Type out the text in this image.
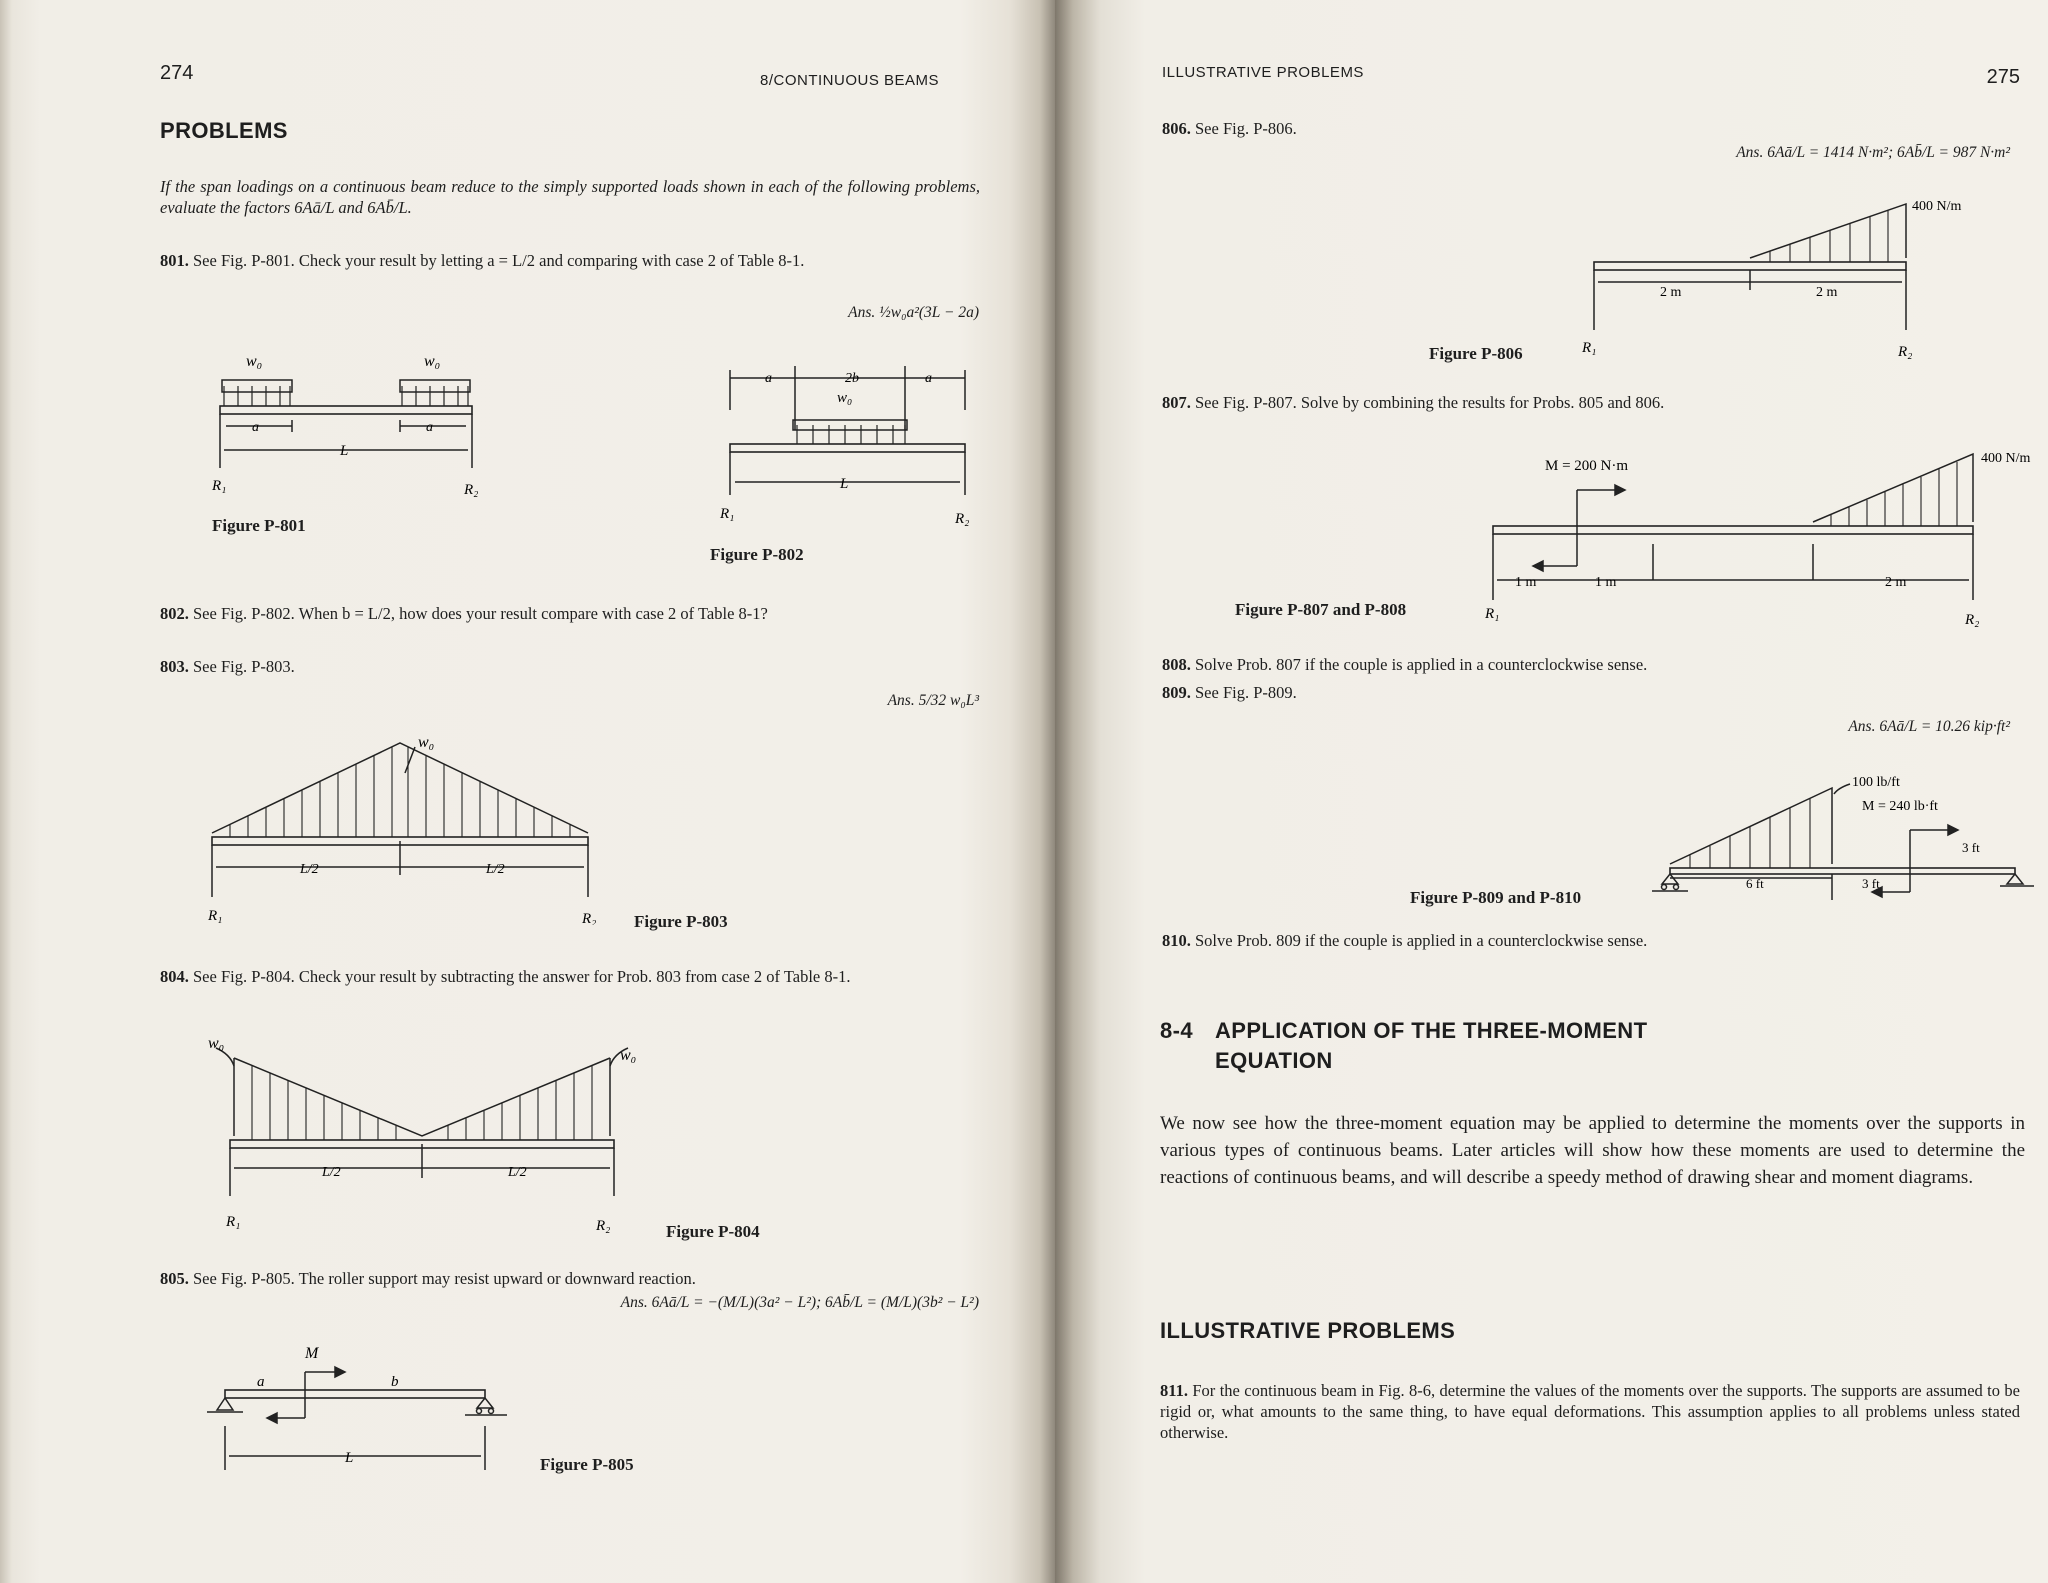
274	8/CONTINUOUS BEAMS
PROBLEMS
If the span loadings on a continuous beam reduce to the simply supported loads shown in each of the following problems, evaluate the factors 6Aā/L and 6Ab̄/L.
801. See Fig. P-801. Check your result by letting a = L/2 and comparing with case 2 of Table 8-1.
Ans. ½w₀a²(3L − 2a)
w₀	w₀
a	a
L
R₁	R₂
Figure P-801
a	2b	a
w₀
L
R₁	R₂
Figure P-802
802. See Fig. P-802. When b = L/2, how does your result compare with case 2 of Table 8-1?
803. See Fig. P-803.
Ans. 5/32 w₀L³
w₀
L/2	L/2
R₁	R₂ Figure P-803
804. See Fig. P-804. Check your result by subtracting the answer for Prob. 803 from case 2 of Table 8-1.
w₀
w₀
L/2	L/2
R₁	R₂	Figure P-804
805. See Fig. P-805. The roller support may resist upward or downward reaction.
Ans. 6Aā/L = −(M/L)(3a² − L²); 6Ab̄/L = (M/L)(3b² − L²)
M
a	b
L	Figure P-805
ILLUSTRATIVE PROBLEMS	275
806. See Fig. P-806.
Ans. 6Aā/L = 1414 N·m²; 6Ab̄/L = 987 N·m²
400 N/m
2 m	2 m
R₁	R₂
Figure P-806
807. See Fig. P-807. Solve by combining the results for Probs. 805 and 806.
M = 200 N·m	400 N/m
1 m	1 m	2 m
R₁	R₂
Figure P-807 and P-808
808. Solve Prob. 807 if the couple is applied in a counterclockwise sense.
809. See Fig. P-809.
Ans. 6Aā/L = 10.26 kip·ft²
100 lb/ft
M = 240 lb·ft
3 ft
6 ft	3 ft
Figure P-809 and P-810
810. Solve Prob. 809 if the couple is applied in a counterclockwise sense.
8-4 APPLICATION OF THE THREE-MOMENT
EQUATION
We now see how the three-moment equation may be applied to determine the moments over the supports in various types of continuous beams. Later articles will show how these moments are used to determine the reactions of continuous beams, and will describe a speedy method of drawing shear and moment diagrams.
ILLUSTRATIVE PROBLEMS
811. For the continuous beam in Fig. 8-6, determine the values of the moments over the supports. The supports are assumed to be rigid or, what amounts to the same thing, to have equal deformations. This assumption applies to all problems unless stated otherwise.
